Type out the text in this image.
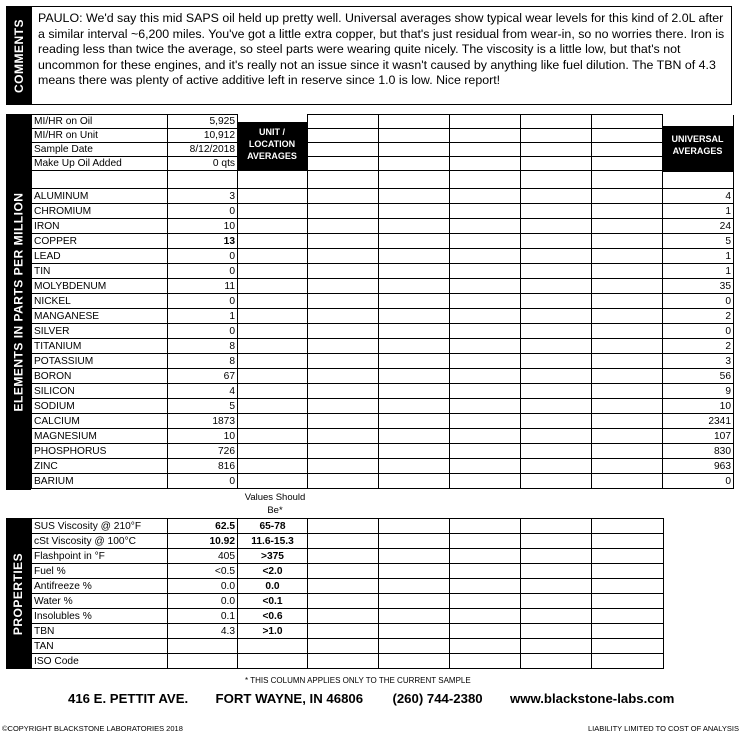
COMMENTS
PAULO: We'd say this mid SAPS oil held up pretty well. Universal averages show typical wear levels for this kind of 2.0L after a similar interval ~6,200 miles. You've got a little extra copper, but that's just residual from wear-in, so no worries there. Iron is reading less than twice the average, so steel parts were wearing quite nicely. The viscosity is a little low, but that's not uncommon for these engines, and it's really not an issue since it wasn't caused by anything like fuel dilution. The TBN of 4.3 means there was plenty of active additive left in reserve since 1.0 is low. Nice report!
ELEMENTS IN PARTS PER MILLION
UNIT / LOCATION AVERAGES
UNIVERSAL AVERAGES
MI/HR on Oil	5,925							
MI/HR on Unit	10,912							
Sample Date	8/12/2018							
Make Up Oil Added	0 qts							

ALUMINUM	3							4
CHROMIUM	0							1
IRON	10							24
COPPER	13							5
LEAD	0							1
TIN	0							1
MOLYBDENUM	11							35
NICKEL	0							0
MANGANESE	1							2
SILVER	0							0
TITANIUM	8							2
POTASSIUM	8							3
BORON	67							56
SILICON	4							9
SODIUM	5							10
CALCIUM	1873							2341
MAGNESIUM	10							107
PHOSPHORUS	726							830
ZINC	816							963
BARIUM	0							0
Values Should Be*
PROPERTIES
SUS Viscosity @ 210°F	62.5	65-78					
cSt Viscosity @ 100°C	10.92	11.6-15.3					
Flashpoint in °F	405	>375					
Fuel %	<0.5	<2.0					
Antifreeze %	0.0	0.0					
Water %	0.0	<0.1					
Insolubles %	0.1	<0.6					
TBN	4.3	>1.0					
TAN							
ISO Code							
* THIS COLUMN APPLIES ONLY TO THE CURRENT SAMPLE
416 E. PETTIT AVE. FORT WAYNE, IN 46806 (260) 744-2380 www.blackstone-labs.com
©COPYRIGHT BLACKSTONE LABORATORIES 2018	LIABILITY LIMITED TO COST OF ANALYSIS
